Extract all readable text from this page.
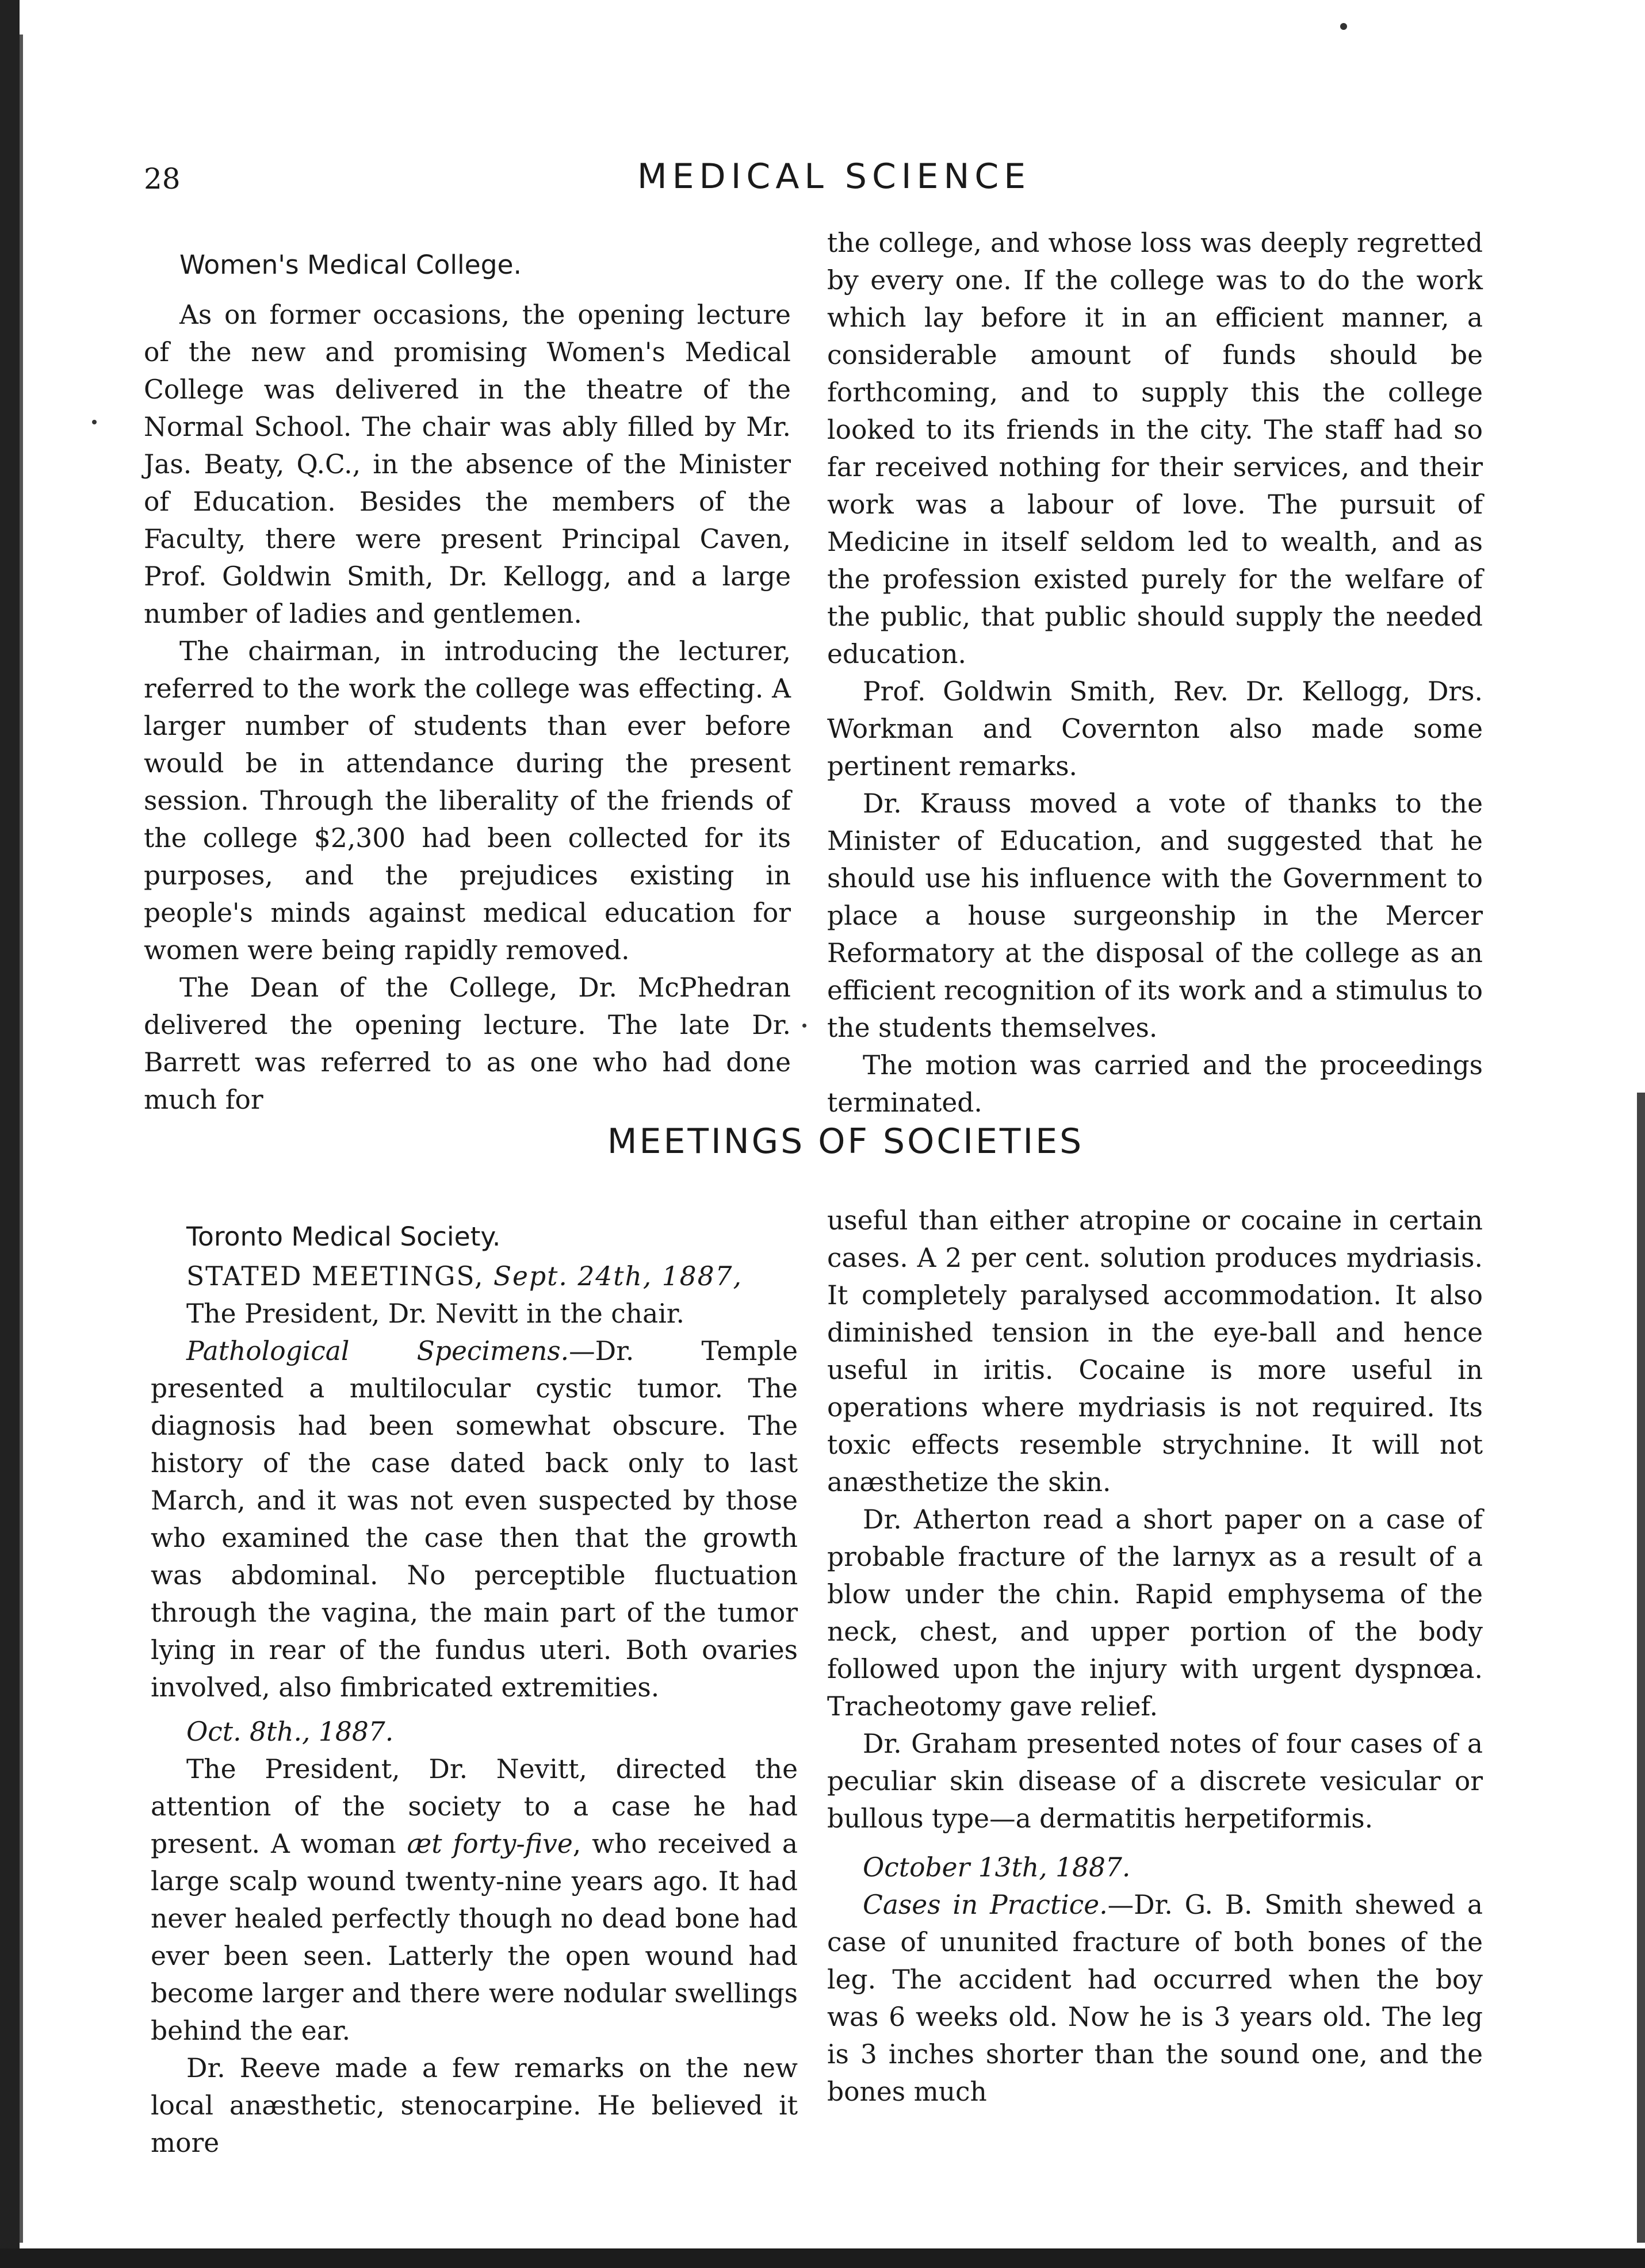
28	MEDICAL SCIENCE

Women's Medical College.

As on former occasions, the opening lecture of the new and promising Women's Medical College was delivered in the theatre of the Normal School. The chair was ably filled by Mr. Jas. Beaty, Q.C., in the absence of the Minister of Education. Besides the members of the Faculty, there were present Principal Caven, Prof. Goldwin Smith, Dr. Kellogg, and a large number of ladies and gentlemen.

The chairman, in introducing the lecturer, referred to the work the college was effecting. A larger number of students than ever before would be in attendance during the present session. Through the liberality of the friends of the college $2,300 had been collected for its purposes, and the prejudices existing in people's minds against medical education for women were being rapidly removed.

The Dean of the College, Dr. McPhedran delivered the opening lecture. The late Dr. Barrett was referred to as one who had done much for

the college, and whose loss was deeply regretted by every one. If the college was to do the work which lay before it in an efficient manner, a considerable amount of funds should be forthcoming, and to supply this the college looked to its friends in the city. The staff had so far received nothing for their services, and their work was a labour of love. The pursuit of Medicine in itself seldom led to wealth, and as the profession existed purely for the welfare of the public, that public should supply the needed education.

Prof. Goldwin Smith, Rev. Dr. Kellogg, Drs. Workman and Covernton also made some pertinent remarks.

Dr. Krauss moved a vote of thanks to the Minister of Education, and suggested that he should use his influence with the Government to place a house surgeonship in the Mercer Reformatory at the disposal of the college as an efficient recognition of its work and a stimulus to the students themselves.

The motion was carried and the proceedings terminated.

MEETINGS OF SOCIETIES

Toronto Medical Society.

STATED MEETINGS, Sept. 24th, 1887,

The President, Dr. Nevitt in the chair.

Pathological Specimens.—Dr. Temple presented a multilocular cystic tumor. The diagnosis had been somewhat obscure. The history of the case dated back only to last March, and it was not even suspected by those who examined the case then that the growth was abdominal. No perceptible fluctuation through the vagina, the main part of the tumor lying in rear of the fundus uteri. Both ovaries involved, also fimbricated extremities.

Oct. 8th., 1887.

The President, Dr. Nevitt, directed the attention of the society to a case he had present. A woman æt forty-five, who received a large scalp wound twenty-nine years ago. It had never healed perfectly though no dead bone had ever been seen. Latterly the open wound had become larger and there were nodular swellings behind the ear.

Dr. Reeve made a few remarks on the new local anæsthetic, stenocarpine. He believed it more

useful than either atropine or cocaine in certain cases. A 2 per cent. solution produces mydriasis. It completely paralysed accommodation. It also diminished tension in the eye-ball and hence useful in iritis. Cocaine is more useful in operations where mydriasis is not required. Its toxic effects resemble strychnine. It will not anæsthetize the skin.

Dr. Atherton read a short paper on a case of probable fracture of the larnyx as a result of a blow under the chin. Rapid emphysema of the neck, chest, and upper portion of the body followed upon the injury with urgent dyspnœa. Tracheotomy gave relief.

Dr. Graham presented notes of four cases of a peculiar skin disease of a discrete vesicular or bullous type—a dermatitis herpetiformis.

October 13th, 1887.

Cases in Practice.—Dr. G. B. Smith shewed a case of ununited fracture of both bones of the leg. The accident had occurred when the boy was 6 weeks old. Now he is 3 years old. The leg is 3 inches shorter than the sound one, and the bones much
